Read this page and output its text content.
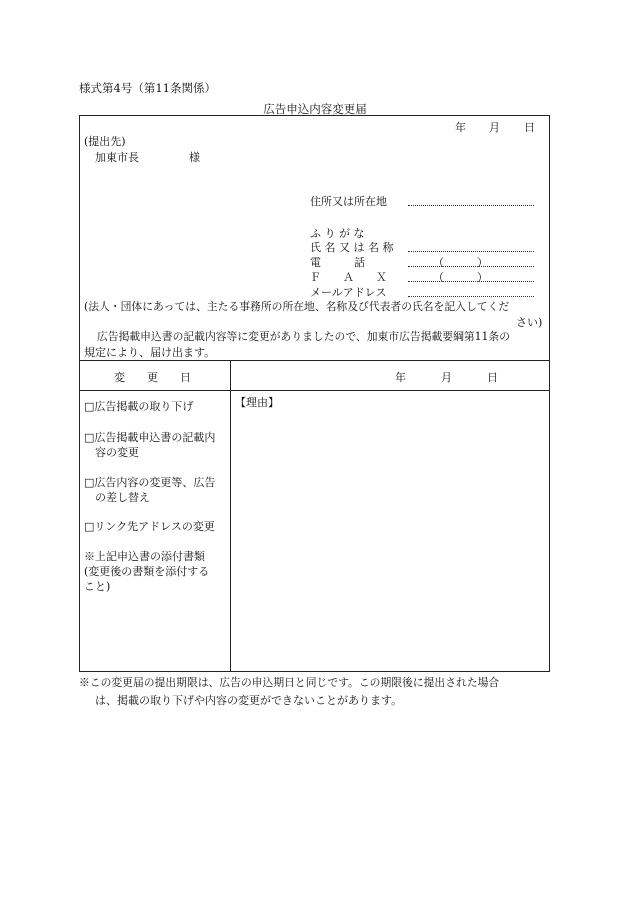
様式第4号（第11条関係）
広告申込内容変更届
年 月 日
(提出先)
加東市長	様
住所又は所在地
ふ り が な
氏 名 又 は 名 称
電　　　話	（　　　）
Ｆ　　Ａ　　Ｘ	（　　　）
メールアドレス
(法人・団体にあっては、主たる事務所の所在地、名称及び代表者の氏名を記入してくだ
さい)
広告掲載申込書の記載内容等に変更がありましたので、加東市広告掲載要綱第11条の
規定により、届け出ます。
変　　更　　日	年	月	日
□広告掲載の取り下げ
□広告掲載申込書の記載内
容の変更
□広告内容の変更等、広告
の差し替え
□リンク先アドレスの変更
※上記申込書の添付書類
(変更後の書類を添付する
こと)
【理由】
※この変更届の提出期限は、広告の申込期日と同じです。この期限後に提出された場合
は、掲載の取り下げや内容の変更ができないことがあります。
